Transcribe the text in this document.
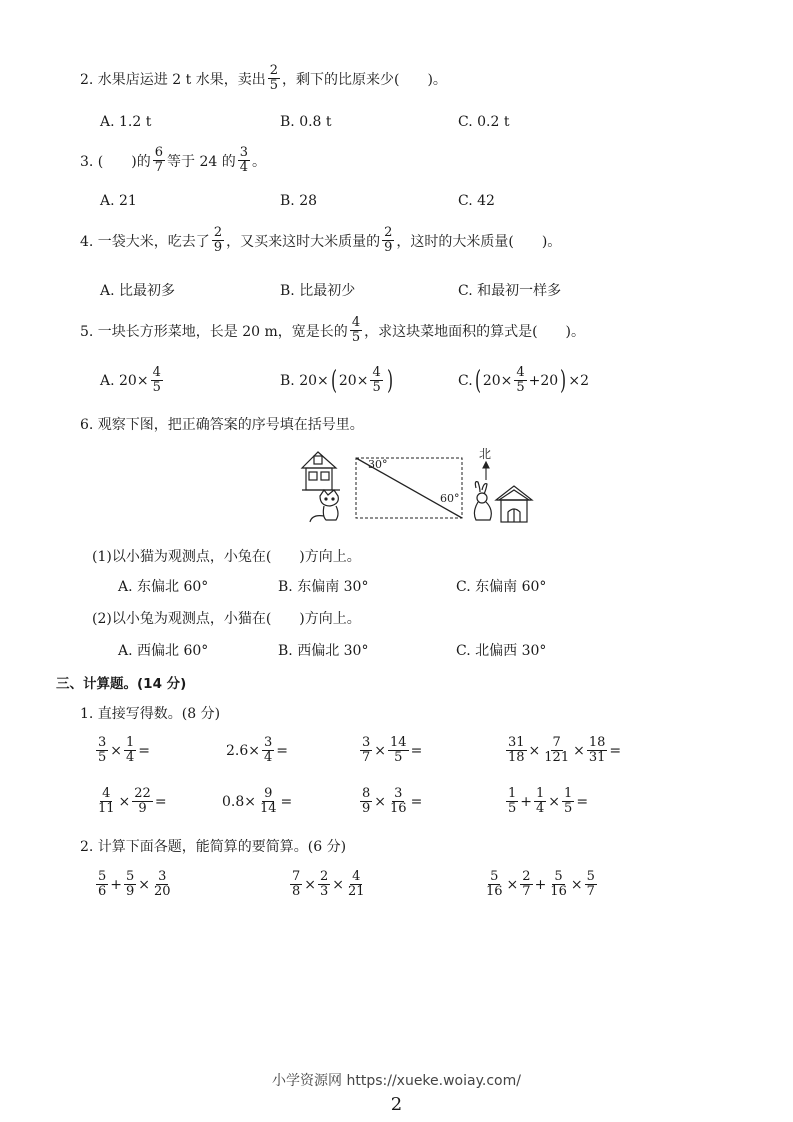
2. 水果店运进 2 t 水果，卖出 $\frac{2}{5}$ ，剩下的比原来少(　　)。
A. 1.2 t	B. 0.8 t	C. 0.2 t
3. (　　)的 $\frac{6}{7}$ 等于 24 的 $\frac{3}{4}$ 。
A. 21	B. 28	C. 42
4. 一袋大米，吃去了 $\frac{2}{9}$ ，又买来这时大米质量的 $\frac{2}{9}$ ，这时的大米质量(　　)。
A. 比最初多	B. 比最初少	C. 和最初一样多
5. 一块长方形菜地，长是 20 m，宽是长的 $\frac{4}{5}$ ，求这块菜地面积的算式是(　　)。
A. $20\times \frac{4}{5}$	B. 20× ( $20\times \frac{4}{5}$ )	C. ( $20\times \frac{4}{5} +20$ ) ×2
6. 观察下图，把正确答案的序号填在括号里。
30°
60°
北
(1)以小猫为观测点，小兔在(　　)方向上。
A. 东偏北 60°	B. 东偏南 30°	C. 东偏南 60°
(2)以小兔为观测点，小猫在(　　)方向上。
A. 西偏北 60°	B. 西偏北 30°	C. 北偏西 30°
三、计算题。(14 分)
1. 直接写得数。(8 分)
$\frac{3}{5} \times \frac{1}{4}$ =	$2.6\times \frac{3}{4}$ =	$\frac{3}{7} \times \frac{14}{5}$ =	$\frac{31}{18} \times \frac{7}{121} \times \frac{18}{31}$ =
$\frac{4}{11} \times \frac{22}{9}$ =	$0.8\times \frac{9}{14}$ =	$\frac{8}{9} \times \frac{3}{16}$ =	$\frac{1}{5} + \frac{1}{4} \times \frac{1}{5}$ =
2. 计算下面各题，能简算的要简算。(6 分)
$\frac{5}{6} + \frac{5}{9} \times \frac{3}{20}$	$\frac{7}{8} \times \frac{2}{3} \times \frac{4}{21}$	$\frac{5}{16} \times \frac{2}{7} + \frac{5}{16} \times \frac{5}{7}$
小学资源网 https://xueke.woiay.com/
2
